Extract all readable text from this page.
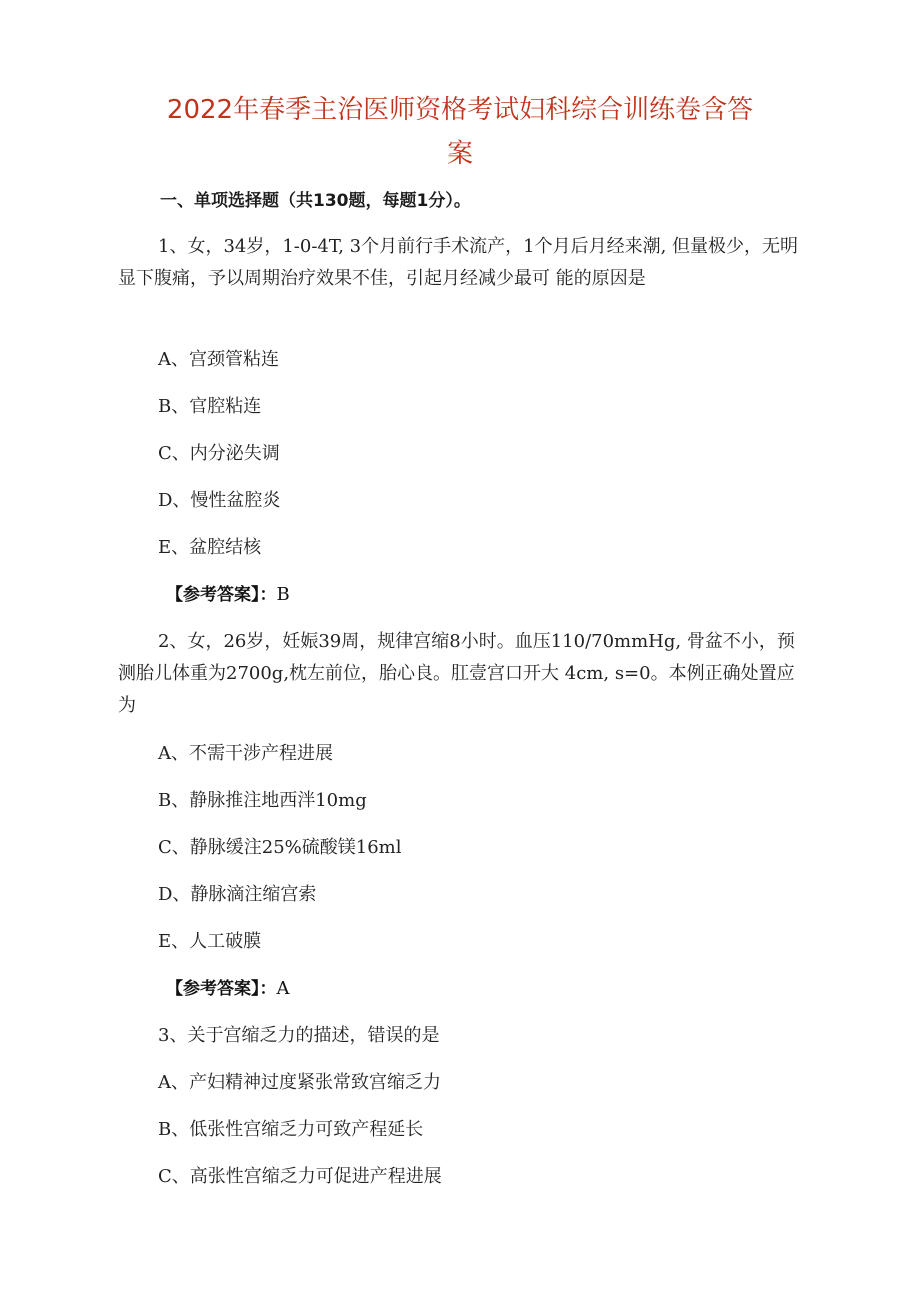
2022年春季主治医师资格考试妇科综合训练卷含答
案
一、单项选择题（共130题，每题1分）。
1、女，34岁，1-0-4T, 3个月前行手术流产，1个月后月经来潮, 但量极少，无明显下腹痛，予以周期治疗效果不佳，引起月经减少最可 能的原因是
A、宫颈管粘连
B、官腔粘连
C、内分泌失调
D、慢性盆腔炎
E、盆腔结核
【参考答案】：B
2、女，26岁，妊娠39周，规律宫缩8小时。血压110/70mmHg, 骨盆不小，预测胎儿体重为2700g,枕左前位，胎心良。肛壹宫口开大 4cm, s=0。本例正确处置应为
A、不需干涉产程进展
B、静脉推注地西泮10mg
C、静脉缓注25%硫酸镁16ml
D、静脉滴注缩宫索
E、人工破膜
【参考答案】：A
3、关于宫缩乏力的描述，错误的是
A、产妇精神过度紧张常致宫缩乏力
B、低张性宫缩乏力可致产程延长
C、高张性宫缩乏力可促进产程进展
